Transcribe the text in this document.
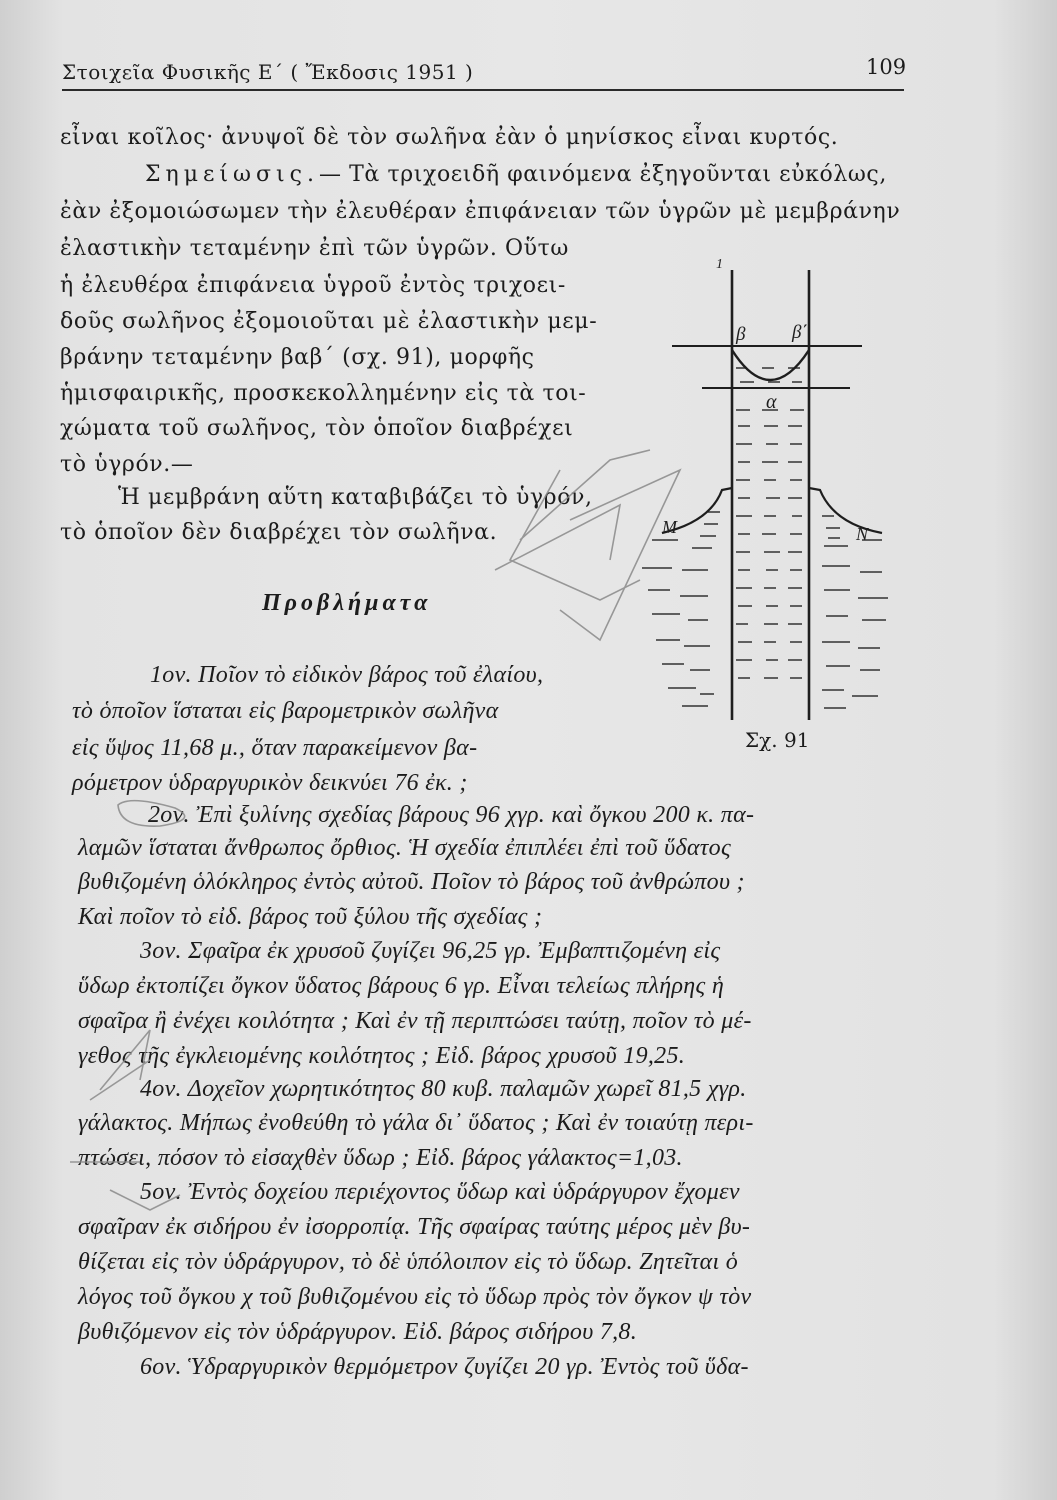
Στοιχεῖα Φυσικῆς Ε΄ ( Ἔκδοσις 1951 )	109
εἶναι κοῖλος· ἀνυψοῖ δὲ τὸν σωλῆνα ἐὰν ὁ μηνίσκος εἶναι κυρτός.
Σημείωσις.— Τὰ τριχοειδῆ φαινόμενα ἐξηγοῦνται εὐκόλως,
ἐὰν ἐξομοιώσωμεν τὴν ἐλευθέραν ἐπιφάνειαν τῶν ὑγρῶν μὲ μεμβράνην
ἐλαστικὴν τεταμένην ἐπὶ τῶν ὑγρῶν. Οὕτω
ἡ ἐλευθέρα ἐπιφάνεια ὑγροῦ ἐντὸς τριχοει-
δοῦς σωλῆνος ἐξομοιοῦται μὲ ἐλαστικὴν μεμ-
βράνην τεταμένην βαβ΄ (σχ. 91), μορφῆς
ἡμισφαιρικῆς, προσκεκολλημένην εἰς τὰ τοι-
χώματα τοῦ σωλῆνος, τὸν ὁποῖον διαβρέχει
τὸ ὑγρόν.—
Ἡ μεμβράνη αὕτη καταβιβάζει τὸ ὑγρόν,
τὸ ὁποῖον δὲν διαβρέχει τὸν σωλῆνα.
Προβλήματα
1ον. Ποῖον τὸ εἰδικὸν βάρος τοῦ ἐλαίου,
τὸ ὁποῖον ἵσταται εἰς βαρομετρικὸν σωλῆνα
εἰς ὕψος 11,68 μ., ὅταν παρακείμενον βα-
ρόμετρον ὑδραργυρικὸν δεικνύει 76 ἐκ. ;
2ον. Ἐπὶ ξυλίνης σχεδίας βάρους 96 χγρ. καὶ ὄγκου 200 κ. πα-
λαμῶν ἵσταται ἄνθρωπος ὄρθιος. Ἡ σχεδία ἐπιπλέει ἐπὶ τοῦ ὕδατος
βυθιζομένη ὁλόκληρος ἐντὸς αὐτοῦ. Ποῖον τὸ βάρος τοῦ ἀνθρώπου ;
Καὶ ποῖον τὸ εἰδ. βάρος τοῦ ξύλου τῆς σχεδίας ;
3ον. Σφαῖρα ἐκ χρυσοῦ ζυγίζει 96,25 γρ. Ἐμβαπτιζομένη εἰς
ὕδωρ ἐκτοπίζει ὄγκον ὕδατος βάρους 6 γρ. Εἶναι τελείως πλήρης ἡ
σφαῖρα ἢ ἐνέχει κοιλότητα ; Καὶ ἐν τῇ περιπτώσει ταύτῃ, ποῖον τὸ μέ-
γεθος τῆς ἐγκλειομένης κοιλότητος ; Εἰδ. βάρος χρυσοῦ 19,25.
4ον. Δοχεῖον χωρητικότητος 80 κυβ. παλαμῶν χωρεῖ 81,5 χγρ.
γάλακτος. Μήπως ἐνοθεύθη τὸ γάλα δι᾿ ὕδατος ; Καὶ ἐν τοιαύτῃ περι-
πτώσει, πόσον τὸ εἰσαχθὲν ὕδωρ ; Εἰδ. βάρος γάλακτος=1,03.
5ον. Ἐντὸς δοχείου περιέχοντος ὕδωρ καὶ ὑδράργυρον ἔχομεν
σφαῖραν ἐκ σιδήρου ἐν ἰσορροπίᾳ. Τῆς σφαίρας ταύτης μέρος μὲν βυ-
θίζεται εἰς τὸν ὑδράργυρον, τὸ δὲ ὑπόλοιπον εἰς τὸ ὕδωρ. Ζητεῖται ὁ
λόγος τοῦ ὄγκου χ τοῦ βυθιζομένου εἰς τὸ ὕδωρ πρὸς τὸν ὄγκον ψ τὸν
βυθιζόμενον εἰς τὸν ὑδράργυρον. Εἰδ. βάρος σιδήρου 7,8.
6ον. Ὑδραργυρικὸν θερμόμετρον ζυγίζει 20 γρ. Ἐντὸς τοῦ ὕδα-
1
β β΄
α
Μ	Ν
Σχ. 91
